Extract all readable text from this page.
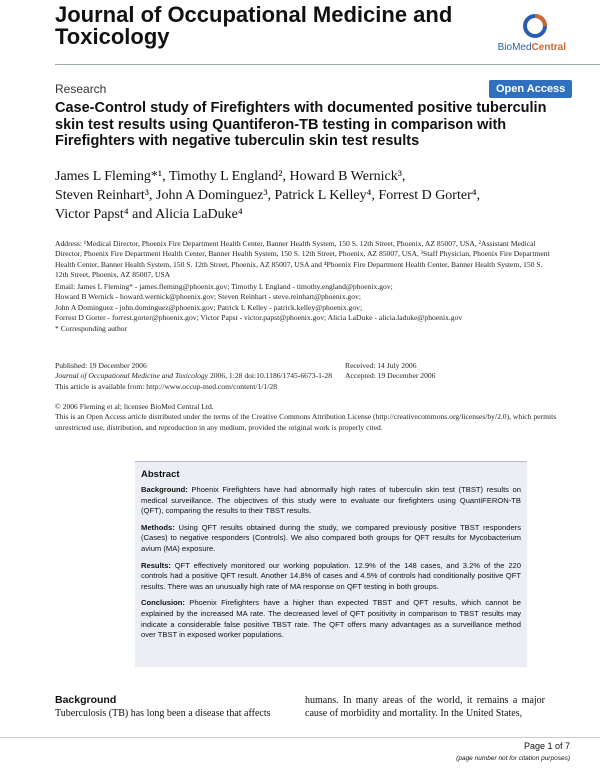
Journal of Occupational Medicine and Toxicology	BioMedCentral
Research	Open Access
Case-Control study of Firefighters with documented positive tuberculin skin test results using Quantiferon-TB testing in comparison with Firefighters with negative tuberculin skin test results
James L Fleming*¹, Timothy L England², Howard B Wernick³,
Steven Reinhart³, John A Dominguez³, Patrick L Kelley⁴, Forrest D Gorter⁴,
Victor Papst⁴ and Alicia LaDuke⁴
Address: ¹Medical Director, Phoenix Fire Department Health Center, Banner Health System, 150 S. 12th Street, Phoenix, AZ 85007, USA, ²Assistant Medical Director, Phoenix Fire Department Health Center, Banner Health System, 150 S. 12th Street, Phoenix, AZ 85007, USA, ³Staff Physician, Phoenix Fire Department Health Center, Banner Health System, 150 S. 12th Street, Phoenix, AZ 85007, USA and ⁴Phoenix Fire Department Health Center, Banner Health System, 150 S. 12th Street, Phoenix, AZ 85007, USA
Email: James L Fleming* - james.fleming@phoenix.gov; Timothy L England - timothy.england@phoenix.gov;
Howard B Wernick - howard.wernick@phoenix.gov; Steven Reinhart - steve.reinhart@phoenix.gov;
John A Dominguez - john.dominguez@phoenix.gov; Patrick L Kelley - patrick.kelley@phoenix.gov;
Forrest D Gorter - forrest.gorter@phoenix.gov; Victor Papst - victor.papst@phoenix.gov; Alicia LaDuke - alicia.laduke@phoenix.gov
* Corresponding author
Published: 19 December 2006
Journal of Occupational Medicine and Toxicology 2006, 1:28 doi:10.1186/1745-6673-1-28
This article is available from: http://www.occup-med.com/content/1/1/28
Received: 14 July 2006
Accepted: 19 December 2006
© 2006 Fleming et al; licensee BioMed Central Ltd.
This is an Open Access article distributed under the terms of the Creative Commons Attribution License (http://creativecommons.org/licenses/by/2.0), which permits unrestricted use, distribution, and reproduction in any medium, provided the original work is properly cited.
Abstract

Background: Phoenix Firefighters have had abnormally high rates of tuberculin skin test (TBST) results on medical surveillance. The objectives of this study were to evaluate our firefighters using QuantiFERON-TB (QFT), comparing the results to their TBST results.

Methods: Using QFT results obtained during the study, we compared previously positive TBST responders (Cases) to negative responders (Controls). We also compared both groups for QFT results for Mycobacterium avium (MA) exposure.

Results: QFT effectively monitored our working population. 12.9% of the 148 cases, and 3.2% of the 220 controls had a positive QFT result. Another 14.8% of cases and 4.5% of controls had conditionally positive QFT results. There was an unusually high rate of MA response on QFT testing in both groups.

Conclusion: Phoenix Firefighters have a higher than expected TBST and QFT results, which cannot be explained by the increased MA rate. The decreased level of QFT positivity in comparison to TBST results may indicate a considerable false positive TBST rate. The QFT offers many advantages as a surveillance method over TBST in exposed worker populations.

Background
Tuberculosis (TB) has long been a disease that affects
humans. In many areas of the world, it remains a major cause of morbidity and mortality. In the United States,
Page 1 of 7
(page number not for citation purposes)
